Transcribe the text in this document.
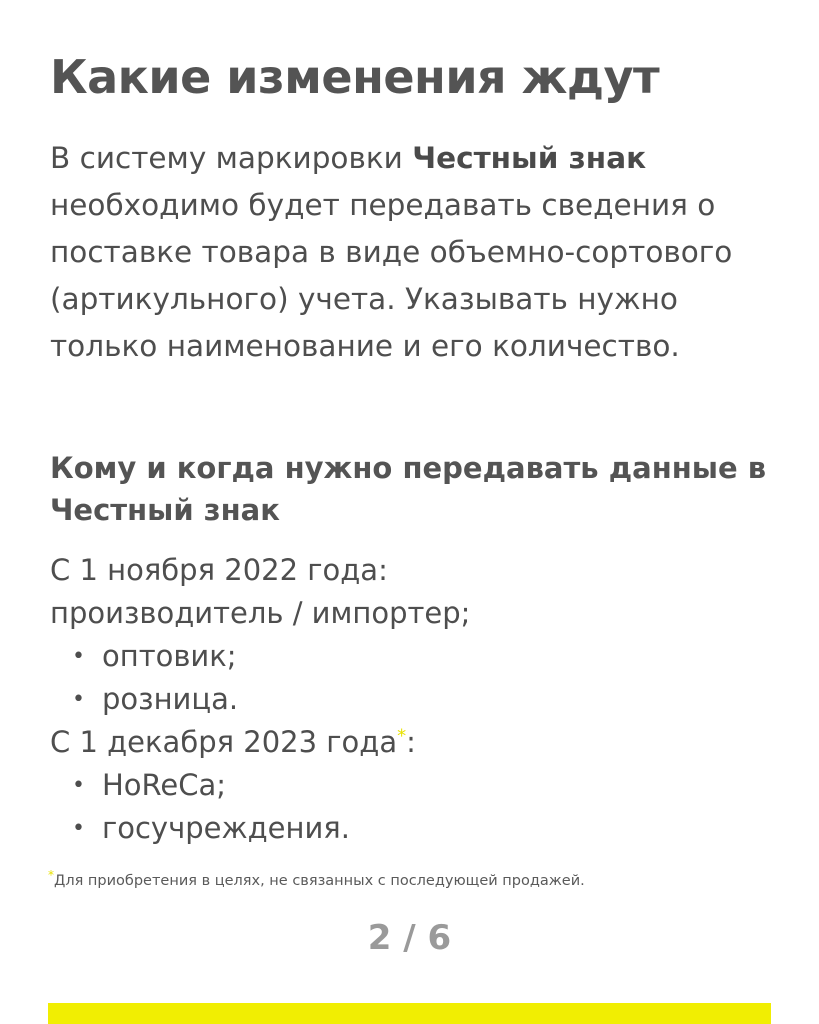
Какие изменения ждут

В систему маркировки Честный знак необходимо будет передавать сведения о поставке товара в виде объемно-сортового (артикульного) учета. Указывать нужно только наименование и его количество.

Кому и когда нужно передавать данные в Честный знак
С 1 ноября 2022 года:
производитель / импортер;
• оптовик;
• розница.
С 1 декабря 2023 года*:
• HoReCa;
• госучреждения.

*Для приобретения в целях, не связанных с последующей продажей.

2 / 6
